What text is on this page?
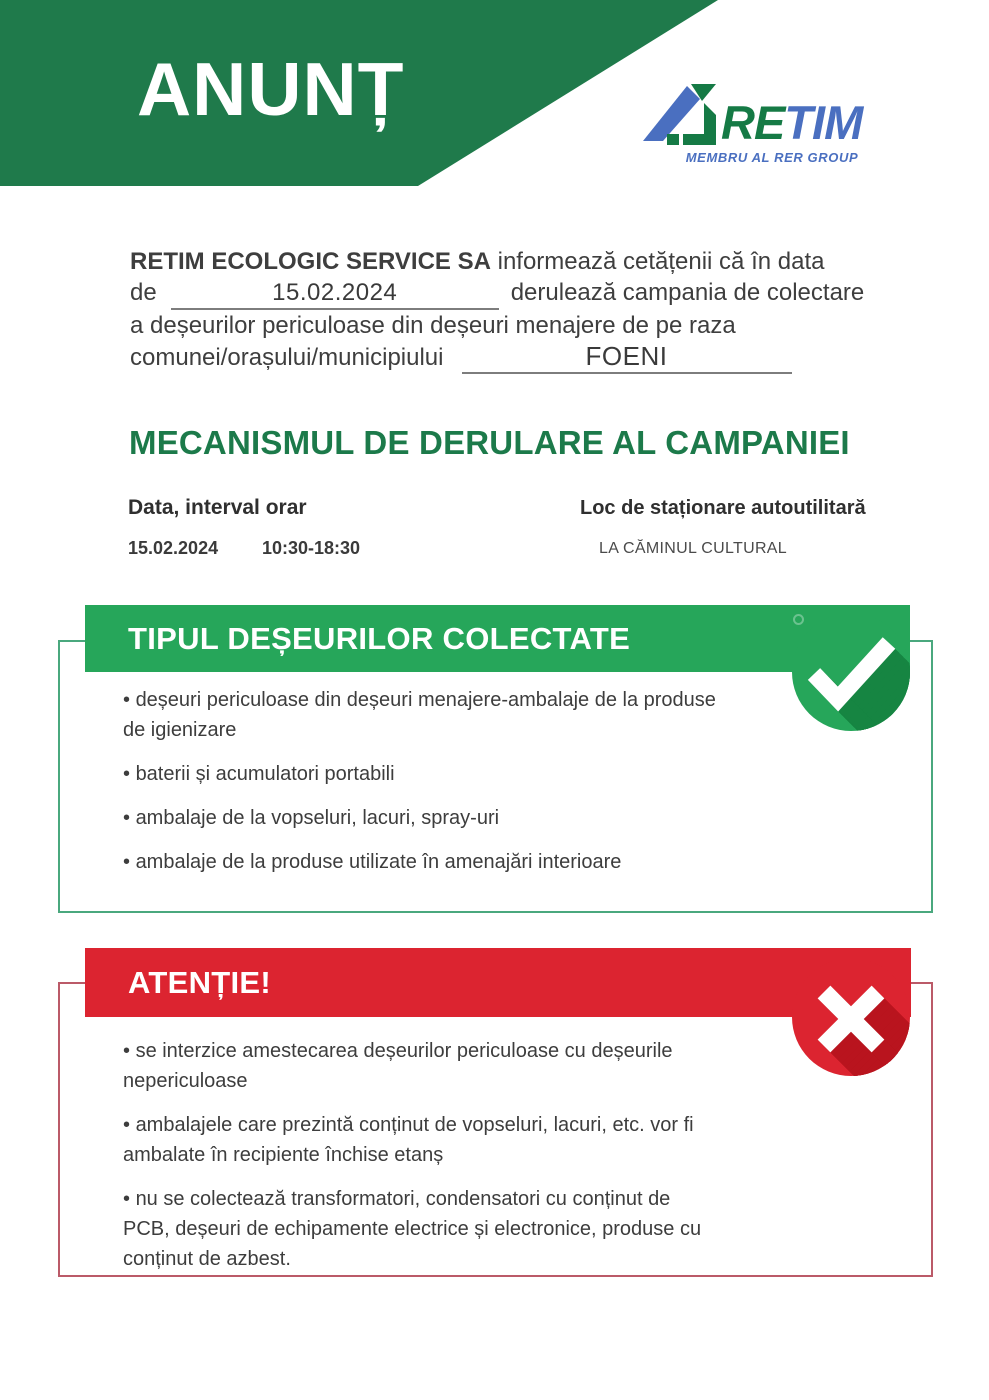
ANUNȚ	RETIM
MEMBRU AL RER GROUP

RETIM ECOLOGIC SERVICE SA informează cetățenii că în data
de	15.02.2024	derulează campania de colectare
a deșeurilor periculoase din deșeuri menajere de pe raza
comunei/orașului/municipiului	FOENI

MECANISMUL DE DERULARE AL CAMPANIEI
Data, interval orar	Loc de staționare autoutilitară
15.02.2024 10:30-18:30	LA CĂMINUL CULTURAL
TIPUL DEȘEURILOR COLECTATE
• deșeuri periculoase din deșeuri menajere-ambalaje de la produse
de igienizare
• baterii și acumulatori portabili
• ambalaje de la vopseluri, lacuri, spray-uri
• ambalaje de la produse utilizate în amenajări interioare
ATENȚIE!
• se interzice amestecarea deșeurilor periculoase cu deșeurile
nepericuloase
• ambalajele care prezintă conținut de vopseluri, lacuri, etc. vor fi
ambalate în recipiente închise etanș
• nu se colectează transformatori, condensatori cu conținut de
PCB, deșeuri de echipamente electrice și electronice, produse cu
conținut de azbest.
